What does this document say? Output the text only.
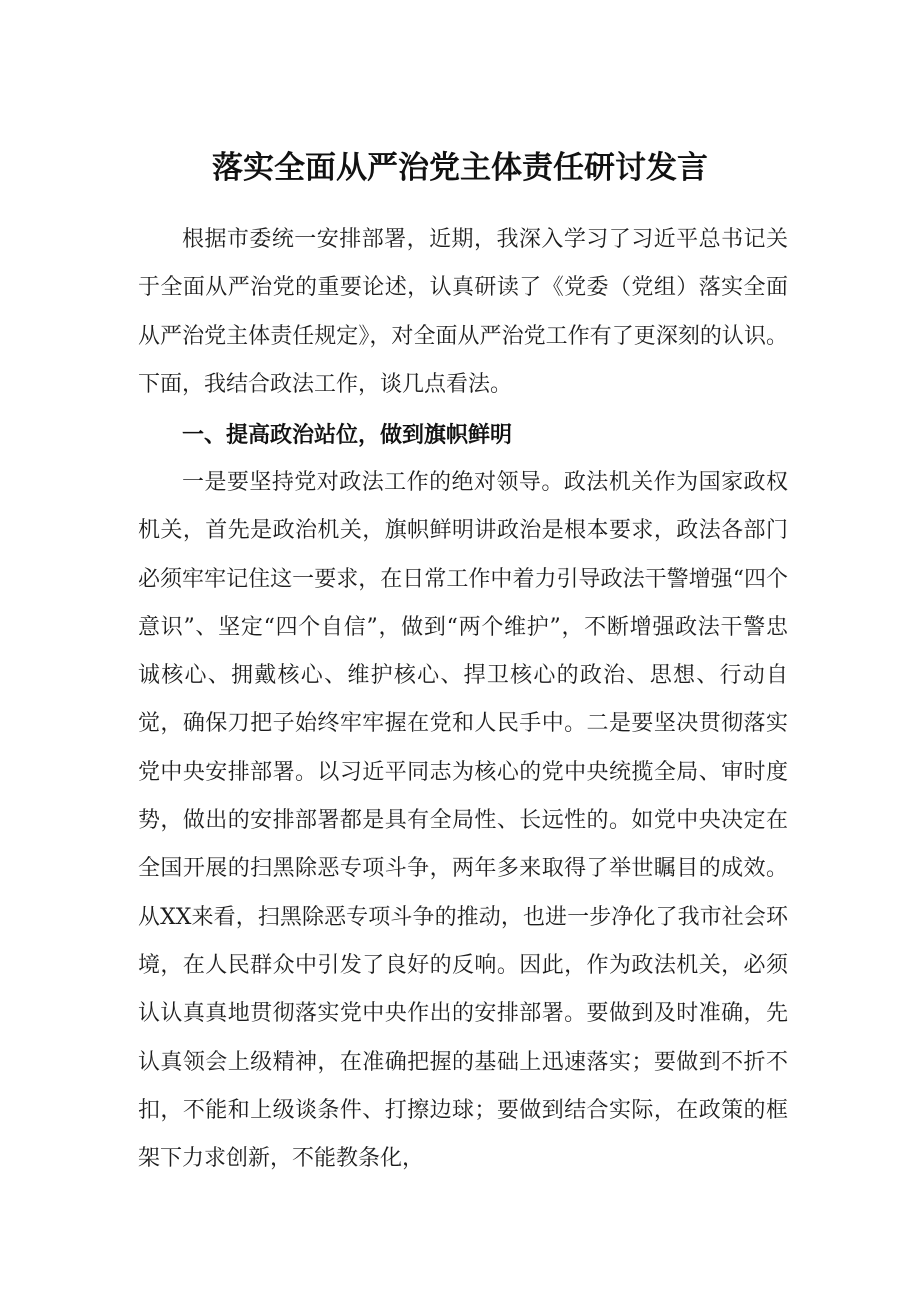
落实全面从严治党主体责任研讨发言

根据市委统一安排部署，近期，我深入学习了习近平总书记关于全面从严治党的重要论述，认真研读了《党委（党组）落实全面从严治党主体责任规定》，对全面从严治党工作有了更深刻的认识。下面，我结合政法工作，谈几点看法。

一、提高政治站位，做到旗帜鲜明

一是要坚持党对政法工作的绝对领导。政法机关作为国家政权机关，首先是政治机关，旗帜鲜明讲政治是根本要求，政法各部门必须牢牢记住这一要求，在日常工作中着力引导政法干警增强“四个意识”、坚定“四个自信”，做到“两个维护”，不断增强政法干警忠诚核心、拥戴核心、维护核心、捍卫核心的政治、思想、行动自觉，确保刀把子始终牢牢握在党和人民手中。二是要坚决贯彻落实党中央安排部署。以习近平同志为核心的党中央统揽全局、审时度势，做出的安排部署都是具有全局性、长远性的。如党中央决定在全国开展的扫黑除恶专项斗争，两年多来取得了举世瞩目的成效。从XX来看，扫黑除恶专项斗争的推动，也进一步净化了我市社会环境，在人民群众中引发了良好的反响。因此，作为政法机关，必须认认真真地贯彻落实党中央作出的安排部署。要做到及时准确，先认真领会上级精神，在准确把握的基础上迅速落实；要做到不折不扣，不能和上级谈条件、打擦边球；要做到结合实际，在政策的框架下力求创新，不能教条化，
